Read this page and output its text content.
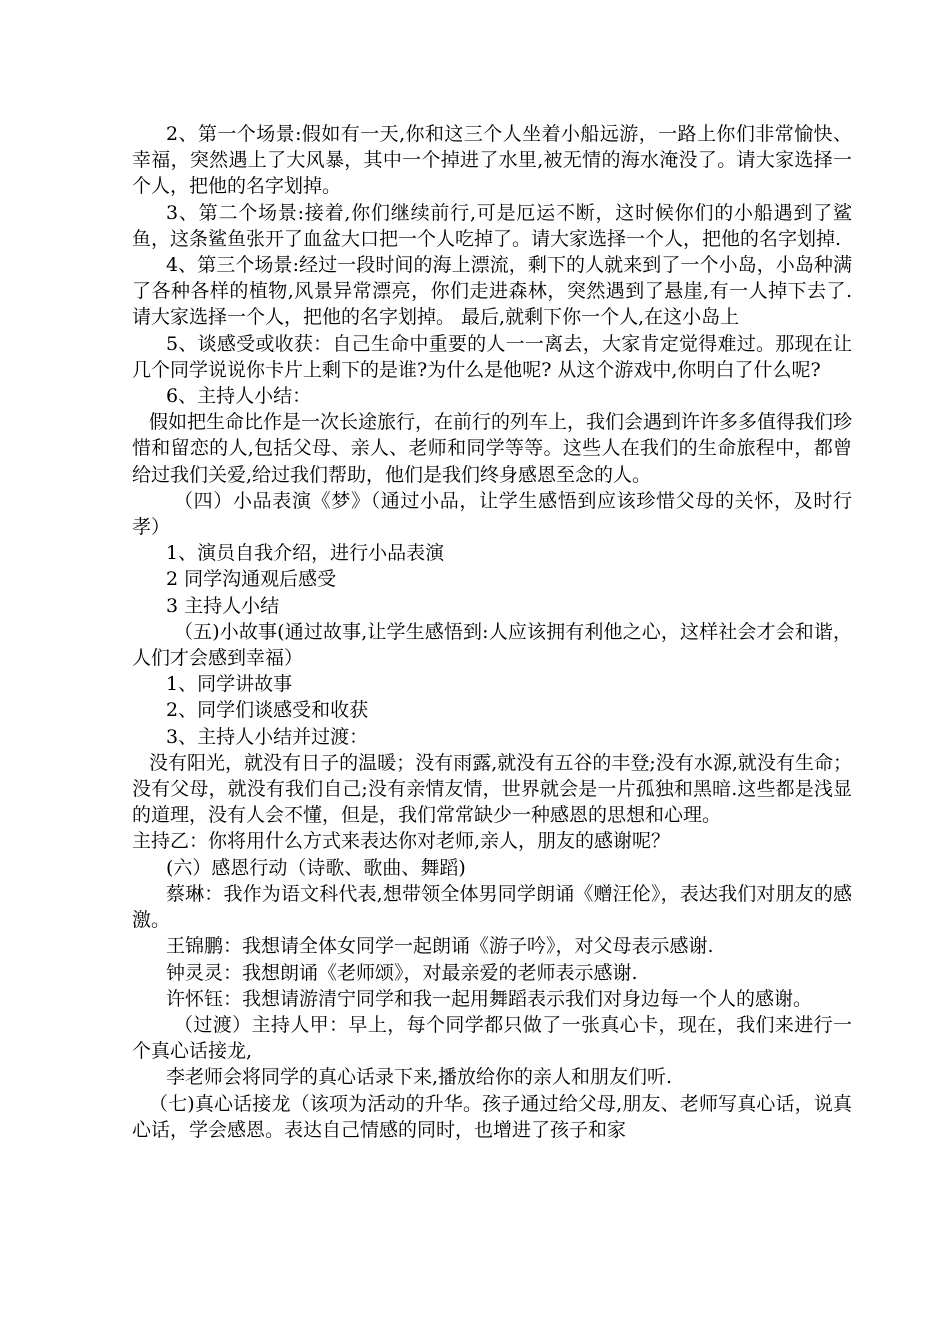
2、第一个场景:假如有一天,你和这三个人坐着小船远游，一路上你们非常愉快、幸福，突然遇上了大风暴，其中一个掉进了水里,被无情的海水淹没了。请大家选择一个人，把他的名字划掉。

3、第二个场景:接着,你们继续前行,可是厄运不断，这时候你们的小船遇到了鲨鱼，这条鲨鱼张开了血盆大口把一个人吃掉了。请大家选择一个人，把他的名字划掉.

4、第三个场景:经过一段时间的海上漂流，剩下的人就来到了一个小岛，小岛种满了各种各样的植物,风景异常漂亮，你们走进森林，突然遇到了悬崖,有一人掉下去了.请大家选择一个人，把他的名字划掉。 最后,就剩下你一个人,在这小岛上

5、谈感受或收获：自己生命中重要的人一一离去，大家肯定觉得难过。那现在让几个同学说说你卡片上剩下的是谁?为什么是他呢? 从这个游戏中,你明白了什么呢?

6、主持人小结：

假如把生命比作是一次长途旅行，在前行的列车上，我们会遇到许许多多值得我们珍惜和留恋的人,包括父母、亲人、老师和同学等等。这些人在我们的生命旅程中，都曾给过我们关爱,给过我们帮助，他们是我们终身感恩至念的人。

（四）小品表演《梦》（通过小品，让学生感悟到应该珍惜父母的关怀，及时行孝）

1、演员自我介绍，进行小品表演

2 同学沟通观后感受

3 主持人小结

（五)小故事(通过故事,让学生感悟到:人应该拥有利他之心，这样社会才会和谐，人们才会感到幸福）

1、同学讲故事

2、同学们谈感受和收获

3、主持人小结并过渡：

没有阳光，就没有日子的温暖；没有雨露,就没有五谷的丰登;没有水源,就没有生命；没有父母，就没有我们自己;没有亲情友情，世界就会是一片孤独和黑暗.这些都是浅显的道理，没有人会不懂，但是，我们常常缺少一种感恩的思想和心理。

主持乙：你将用什么方式来表达你对老师,亲人，朋友的感谢呢？

(六）感恩行动（诗歌、歌曲、舞蹈)

蔡琳：我作为语文科代表,想带领全体男同学朗诵《赠汪伦》，表达我们对朋友的感激。

王锦鹏：我想请全体女同学一起朗诵《游子吟》，对父母表示感谢.

钟灵灵：我想朗诵《老师颂》，对最亲爱的老师表示感谢.

许怀钰：我想请游清宁同学和我一起用舞蹈表示我们对身边每一个人的感谢。

（过渡）主持人甲：早上，每个同学都只做了一张真心卡，现在，我们来进行一个真心话接龙,

李老师会将同学的真心话录下来,播放给你的亲人和朋友们听.

（七)真心话接龙（该项为活动的升华。孩子通过给父母,朋友、老师写真心话，说真心话，学会感恩。表达自己情感的同时，也增进了孩子和家
